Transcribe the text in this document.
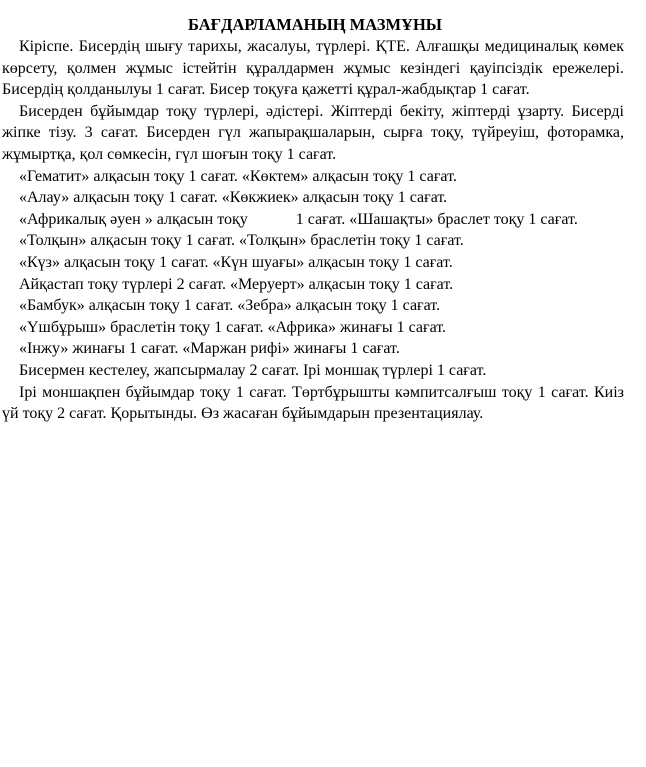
БАҒДАРЛАМАНЫҢ МАЗМҰНЫ

Кіріспе. Бисердің шығу тарихы, жасалуы, түрлері. ҚТЕ. Алғашқы медициналық көмек көрсету, қолмен жұмыс істейтін құралдармен жұмыс кезіндегі қауіпсіздік ережелері. Бисердің қолданылуы 1 сағат. Бисер тоқуға қажетті құрал-жабдықтар 1 сағат.

Бисерден бұйымдар тоқу түрлері, әдістері. Жіптерді бекіту, жіптерді ұзарту. Бисерді жіпке тізу. 3 сағат. Бисерден гүл жапырақшаларын, сырға тоқу, түйреуіш, фоторамка, жұмыртқа, қол сөмкесін, гүл шоғын тоқу 1 сағат.

«Гематит» алқасын тоқу 1 сағат. «Көктем» алқасын тоқу 1 сағат.

«Алау» алқасын тоқу 1 сағат. «Көкжиек» алқасын тоқу 1 сағат.

«Африкалық әуен » алқасын тоқу	1 сағат. «Шашақты» браслет тоқу 1 сағат.

«Толқын» алқасын тоқу 1 сағат. «Толқын» браслетін тоқу 1 сағат.

«Күз» алқасын тоқу 1 сағат. «Күн шуағы» алқасын тоқу 1 сағат.

Айқастап тоқу түрлері 2 сағат. «Меруерт» алқасын тоқу 1 сағат.

«Бамбук» алқасын тоқу 1 сағат. «Зебра» алқасын тоқу 1 сағат.

«Үшбұрыш» браслетін тоқу 1 сағат. «Африка» жинағы 1 сағат.

«Інжу» жинағы 1 сағат. «Маржан рифі» жинағы 1 сағат.

Бисермен кестелеу, жапсырмалау 2 сағат. Ірі моншақ түрлері 1 сағат.

Ірі моншақпен бұйымдар тоқу 1 сағат. Төртбұрышты кәмпитсалғыш тоқу 1 сағат. Киіз үй тоқу 2 сағат. Қорытынды. Өз жасаған бұйымдарын презентациялау.
